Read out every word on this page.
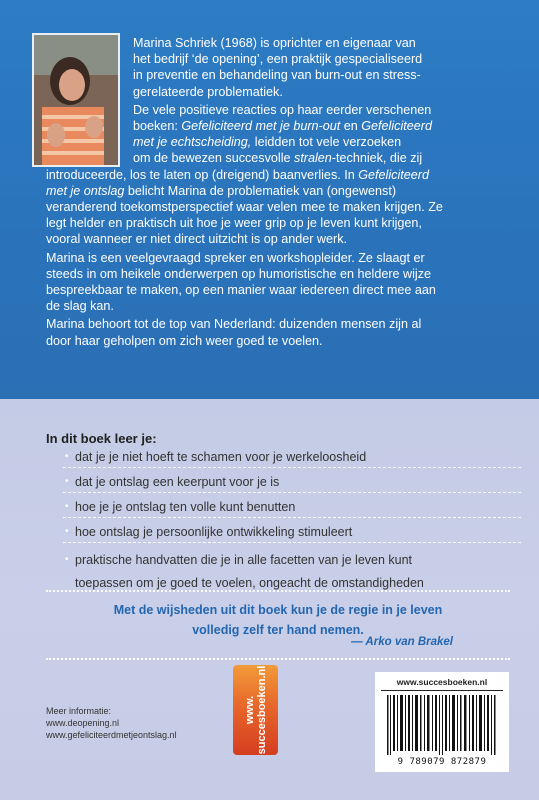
Marina Schriek (1968) is oprichter en eigenaar van
het bedrijf ‘de opening’, een praktijk gespecialiseerd
in preventie en behandeling van burn-out en stress-
gerelateerde problematiek.

De vele positieve reacties op haar eerder verschenen
boeken: Gefeliciteerd met je burn-out en Gefeliciteerd
met je echtscheiding, leidden tot vele verzoeken
om de bewezen succesvolle stralen-techniek, die zij

introduceerde, los te laten op (dreigend) baanverlies. In Gefeliciteerd
met je ontslag belicht Marina de problematiek van (ongewenst)
veranderend toekomstperspectief waar velen mee te maken krijgen. Ze
legt helder en praktisch uit hoe je weer grip op je leven kunt krijgen,
vooral wanneer er niet direct uitzicht is op ander werk.

Marina is een veelgevraagd spreker en workshopleider. Ze slaagt er
steeds in om heikele onderwerpen op humoristische en heldere wijze
bespreekbaar te maken, op een manier waar iedereen direct mee aan
de slag kan.

Marina behoort tot de top van Nederland: duizenden mensen zijn al
door haar geholpen om zich weer goed te voelen.

In dit boek leer je:
• dat je je niet hoeft te schamen voor je werkeloosheid
• dat je ontslag een keerpunt voor je is
• hoe je je ontslag ten volle kunt benutten
• hoe ontslag je persoonlijke ontwikkeling stimuleert
• praktische handvatten die je in alle facetten van je leven kunt
toepassen om je goed te voelen, ongeacht de omstandigheden
Met de wijsheden uit dit boek kun je de regie in je leven
volledig zelf ter hand nemen.
— Arko van Brakel
Meer informatie:
www.deopening.nl
www.gefeliciteerdmetjeontslag.nl
www.
succesboeken.nl	www.succesboeken.nl
9 789079 872879
